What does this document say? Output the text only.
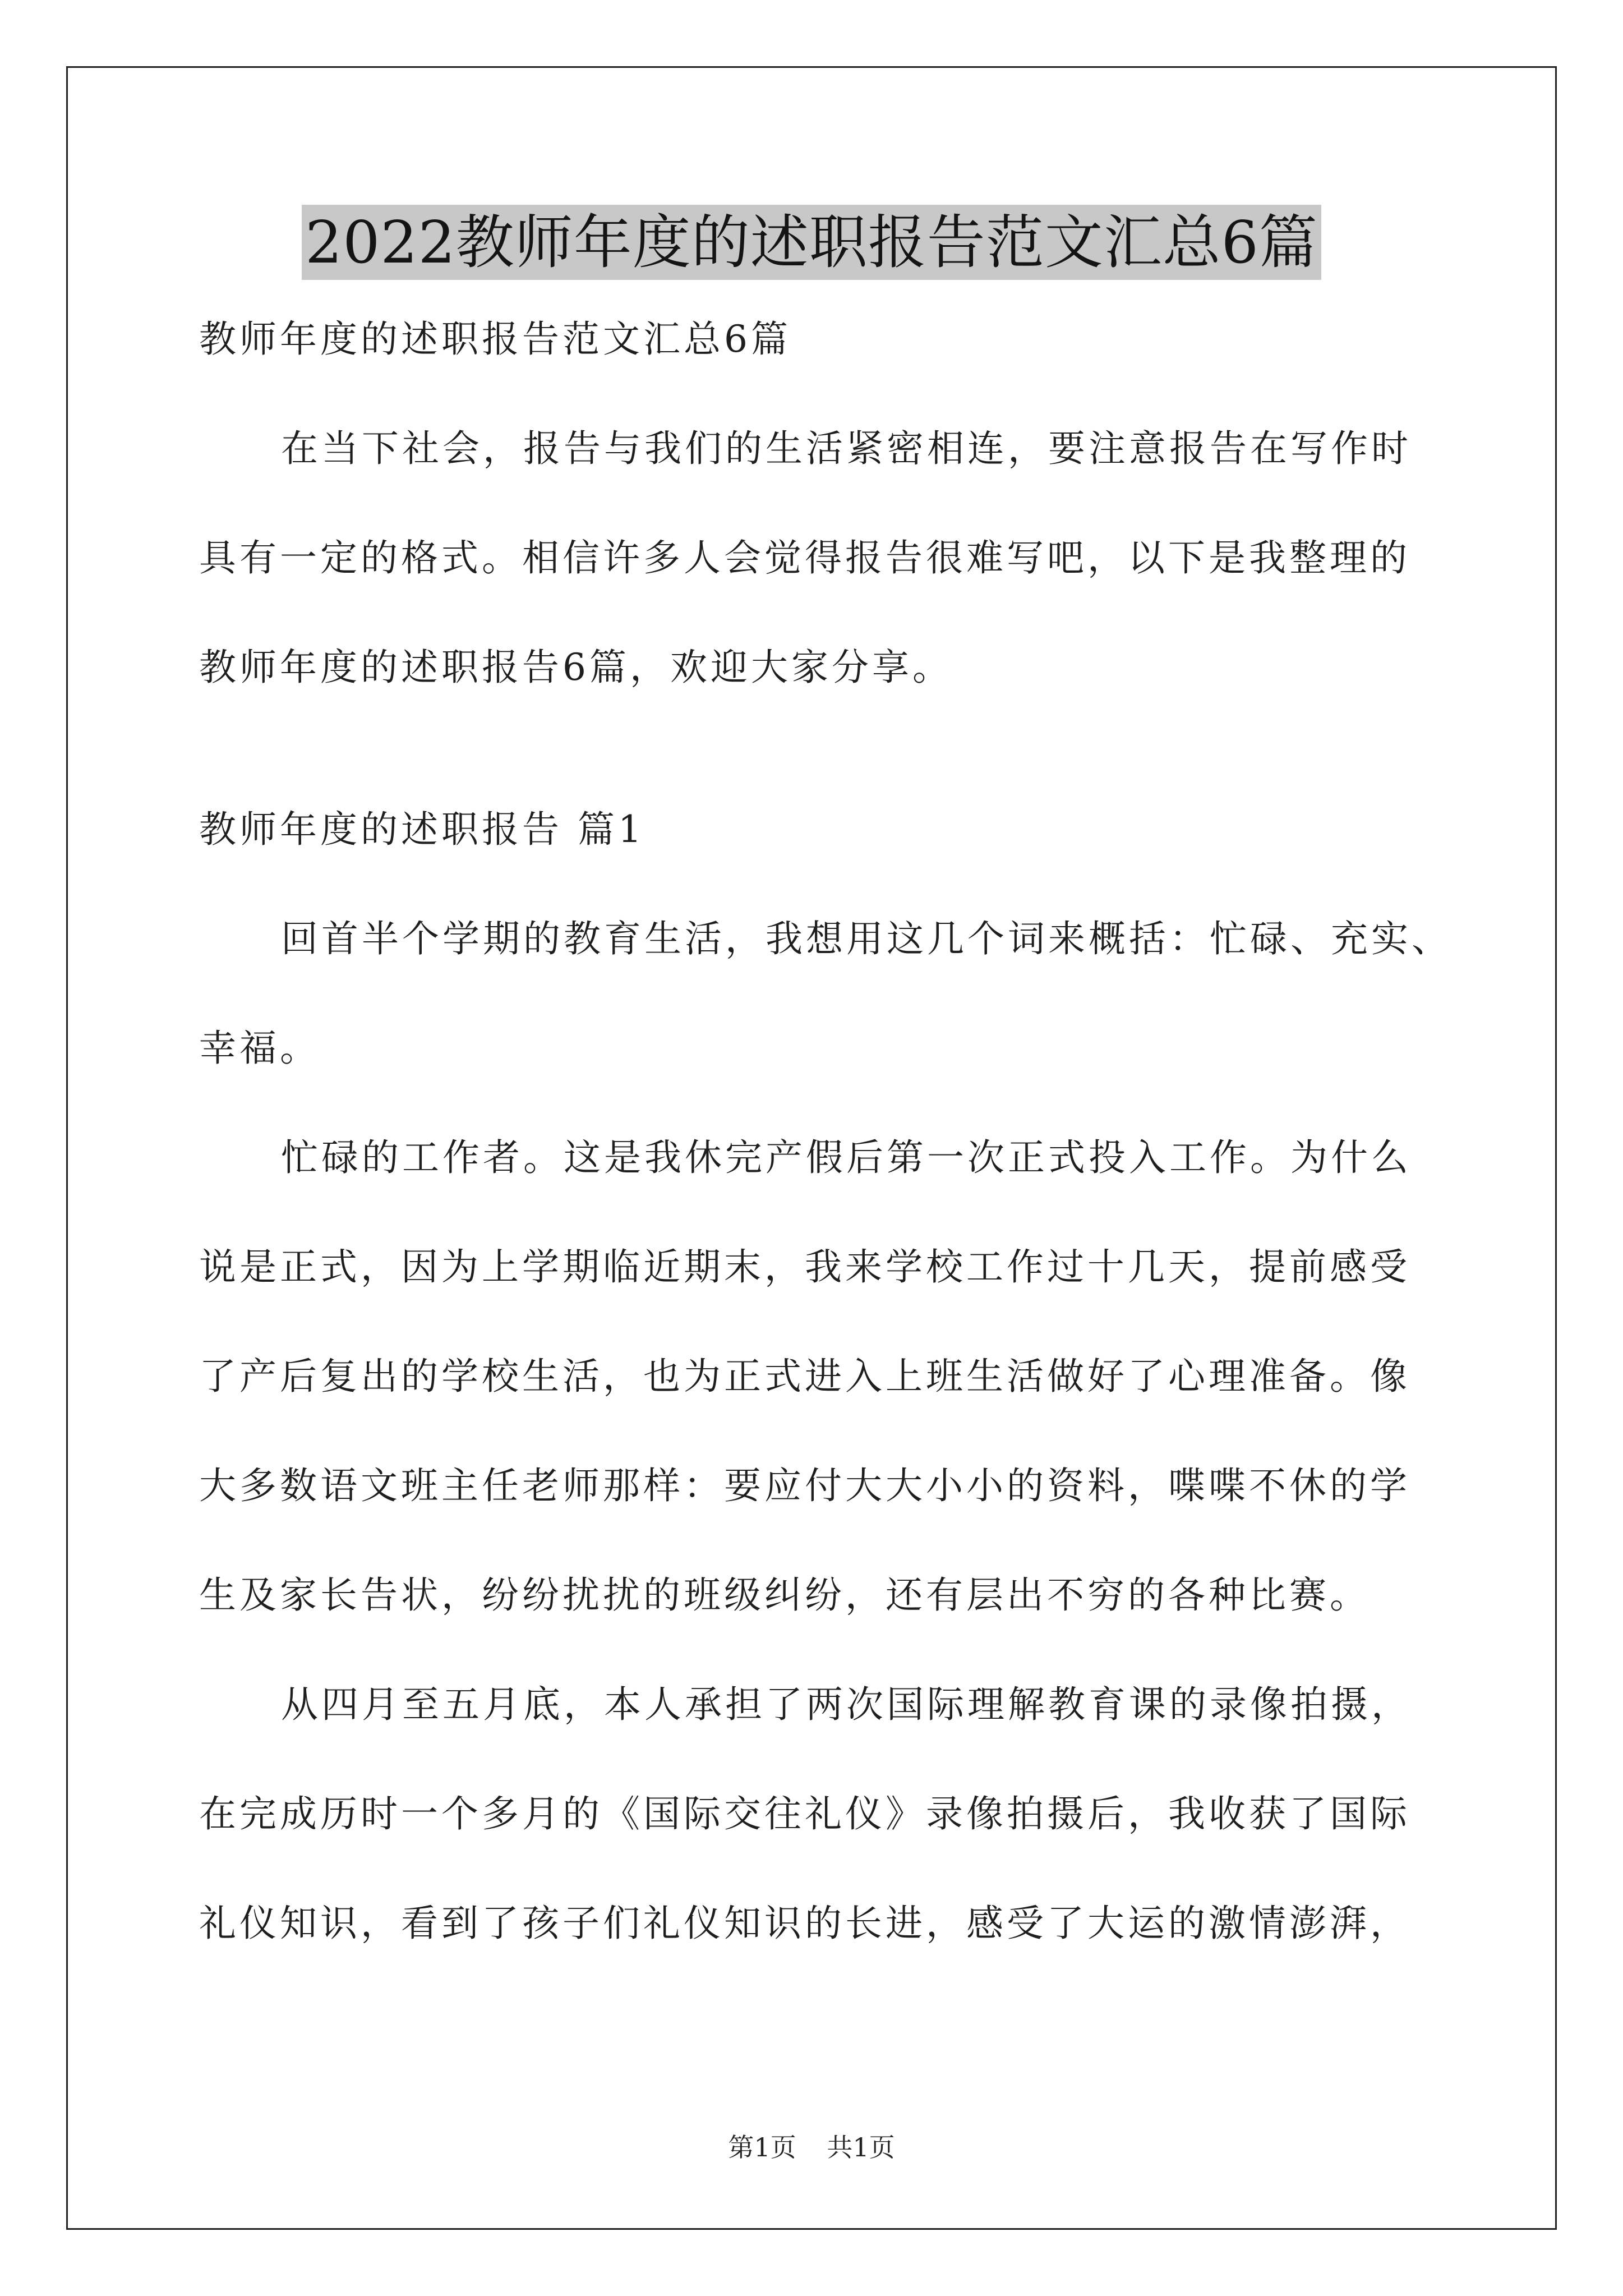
2022教师年度的述职报告范文汇总6篇
教师年度的述职报告范文汇总6篇
在当下社会，报告与我们的生活紧密相连，要注意报告在写作时
具有一定的格式。相信许多人会觉得报告很难写吧，以下是我整理的
教师年度的述职报告6篇，欢迎大家分享。
教师年度的述职报告 篇1
回首半个学期的教育生活，我想用这几个词来概括：忙碌、充实、
幸福。
忙碌的工作者。这是我休完产假后第一次正式投入工作。为什么
说是正式，因为上学期临近期末，我来学校工作过十几天，提前感受
了产后复出的学校生活，也为正式进入上班生活做好了心理准备。像
大多数语文班主任老师那样：要应付大大小小的资料，喋喋不休的学
生及家长告状，纷纷扰扰的班级纠纷，还有层出不穷的各种比赛。
从四月至五月底，本人承担了两次国际理解教育课的录像拍摄，
在完成历时一个多月的《国际交往礼仪》录像拍摄后，我收获了国际
礼仪知识，看到了孩子们礼仪知识的长进，感受了大运的激情澎湃，
第1页 共1页
